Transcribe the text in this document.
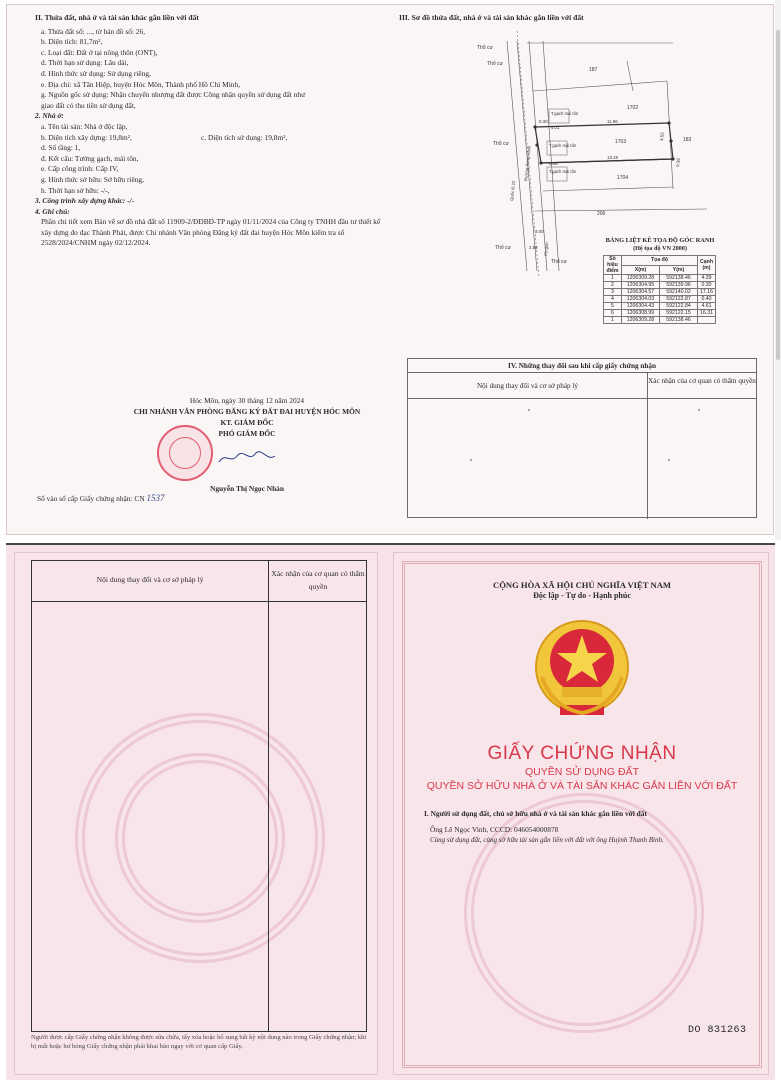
II. Thửa đất, nhà ở và tài sản khác gắn liền với đất
a. Thửa đất số: ..., tờ bản đồ số: 26,
b. Diện tích: 81,7m²,
c. Loại đất: Đất ở tại nông thôn (ONT),
d. Thời hạn sử dụng: Lâu dài,
đ. Hình thức sử dụng: Sử dụng riêng,
e. Địa chỉ: xã Tân Hiệp, huyện Hóc Môn, Thành phố Hồ Chí Minh,
g. Nguồn gốc sử dụng: Nhận chuyển nhượng đất được Công nhận quyền sử dụng đất như
giao đất có thu tiền sử dụng đất,
2. Nhà ở:
a. Tên tài sản: Nhà ở độc lập,
b. Diện tích xây dựng: 19,8m²,	c. Diện tích sử dụng: 19,8m²,
d. Số tầng: 1,
đ. Kết cấu: Tường gạch, mái tôn,
e. Cấp công trình: Cấp IV,
g. Hình thức sở hữu: Sở hữu riêng,
h. Thời hạn sở hữu: -/-,
3. Công trình xây dựng khác: -/-
4. Ghi chú:
Phần chi tiết xem Bản vẽ sơ đồ nhà đất số 11909-2/ĐĐBĐ-TP ngày 01/11/2024 của Công ty TNHH đầu tư thiết kế xây dựng đo đạc Thành Phát, được Chi nhánh Văn phòng Đăng ký đất đai huyện Hóc Môn kiểm tra số 2528/2024/CNHM ngày 02/12/2024.
III. Sơ đồ thửa đất, nhà ở và tài sản khác gắn liền với đất
Thổ cư
Thổ cư
187
1702
1703
1704
183
206
Thổ cư
Thổ cư
Thổ cư
T.gạch mái tôn
T.gạch mái tôn
T.gạch mái tôn
Đường Song Hành
Quốc lộ 22
Ch.giới
0.30
4.01
11.96
4.55
13.19
4.08	0.38
3.00
2.56
BẢNG LIỆT KÊ TỌA ĐỘ GÓC RANH
(Hệ tọa độ VN 2000)
Số hiệu điểm	Tọa độ		Cạnh (m)
	X(m)	Y(m)	
1	1206309.28	592138.46	4.39
2	1206304.95	592139.96	0.30
3	1206304.57	592140.02	17.16
4	1206304.03	592122.87	0.40
5	1206304.43	592122.84	4.61
6	1206308.99	592122.15	16.31
1	1206309.28	592138.46	
IV. Những thay đổi sau khi cấp giấy chứng nhận
Nội dung thay đổi và cơ sở pháp lý
Xác nhận của cơ quan có thẩm quyền
Hóc Môn, ngày 30 tháng 12 năm 2024
CHI NHÁNH VĂN PHÒNG ĐĂNG KÝ ĐẤT ĐAI HUYỆN HÓC MÔN
KT. GIÁM ĐỐC
PHÓ GIÁM ĐỐC
Nguyễn Thị Ngọc Nhàn
Số vào sổ cấp Giấy chứng nhận: CN 1537
Nội dung thay đổi và cơ sở pháp lý
Xác nhận của cơ quan có thẩm quyền
Người được cấp Giấy chứng nhận không được sửa chữa, tẩy xóa hoặc bổ sung bất kỳ nội dung nào trong Giấy chứng nhận; khi bị mất hoặc hư hỏng Giấy chứng nhận phải khai báo ngay với cơ quan cấp Giấy.
CỘNG HÒA XÃ HỘI CHỦ NGHĨA VIỆT NAM
Độc lập - Tự do - Hạnh phúc
GIẤY CHỨNG NHẬN
QUYỀN SỬ DỤNG ĐẤT
QUYỀN SỞ HỮU NHÀ Ở VÀ TÀI SẢN KHÁC GẮN LIỀN VỚI ĐẤT
I. Người sử dụng đất, chủ sở hữu nhà ở và tài sản khác gắn liền với đất
Ông Lê Ngọc Vinh, CCCD: 046054000878
Cùng sử dụng đất, cùng sở hữu tài sản gắn liền với đất với ông Huỳnh Thanh Bình.
DO 831263
